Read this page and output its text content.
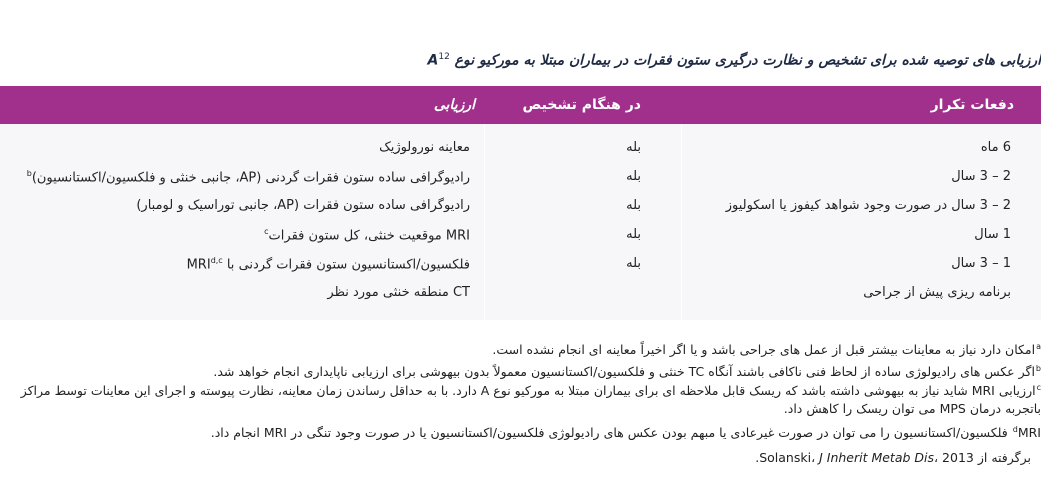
ارزیابی های توصیه شده برای تشخیص و نظارت درگیری ستون فقرات در بیماران مبتلا به مورکیو نوع $A^{12}$
دفعات تکرار
در هنگام تشخیص
ارزیابی
6 ماه
بله
معاینه نورولوژیک
2 – 3 سال
بله
رادیوگرافی ساده ستون فقرات گردنی (AP، جانبی خنثی و فلکسیون/اکستانسیون)$^b$
2 – 3 سال در صورت وجود شواهد کیفوز یا اسکولیوز
بله
رادیوگرافی ساده ستون فقرات (AP، جانبی توراسیک و لومبار)
1 سال
بله
MRI موقعیت خنثی، کل ستون فقرات$^c$
1 – 3 سال
بله
فلکسیون/اکستانسیون ستون فقرات گردنی با MRI$^{d,c}$
برنامه ریزی پیش از جراحی
CT منطقه خنثی مورد نظر
$^a$امکان دارد نیاز به معاینات بیشتر قبل از عمل های جراحی باشد و یا اگر اخیراً معاینه ای انجام نشده است.
$^b$اگر عکس های رادیولوژی ساده از لحاظ فنی ناکافی باشند آنگاه TC خنثی و فلکسیون/اکستانسیون معمولاً بدون بیهوشی برای ارزیابی ناپایداری انجام خواهد شد.
$^c$ارزیابی MRI شاید نیاز به بیهوشی داشته باشد که ریسک قابل ملاحظه ای برای بیماران مبتلا به مورکیو نوع A دارد. با به حداقل رساندن زمان معاینه، نظارت پیوسته و اجرای این معاینات توسط مراکز باتجربه درمان MPS می توان ریسک را کاهش داد.
$^d$MRI فلکسیون/اکستانسیون را می توان در صورت غیرعادی یا مبهم بودن عکس های رادیولوژی فلکسیون/اکستانسیون یا در صورت وجود تنگی در MRI انجام داد.
برگرفته از Solanski، J Inherit Metab Dis، 2013.
